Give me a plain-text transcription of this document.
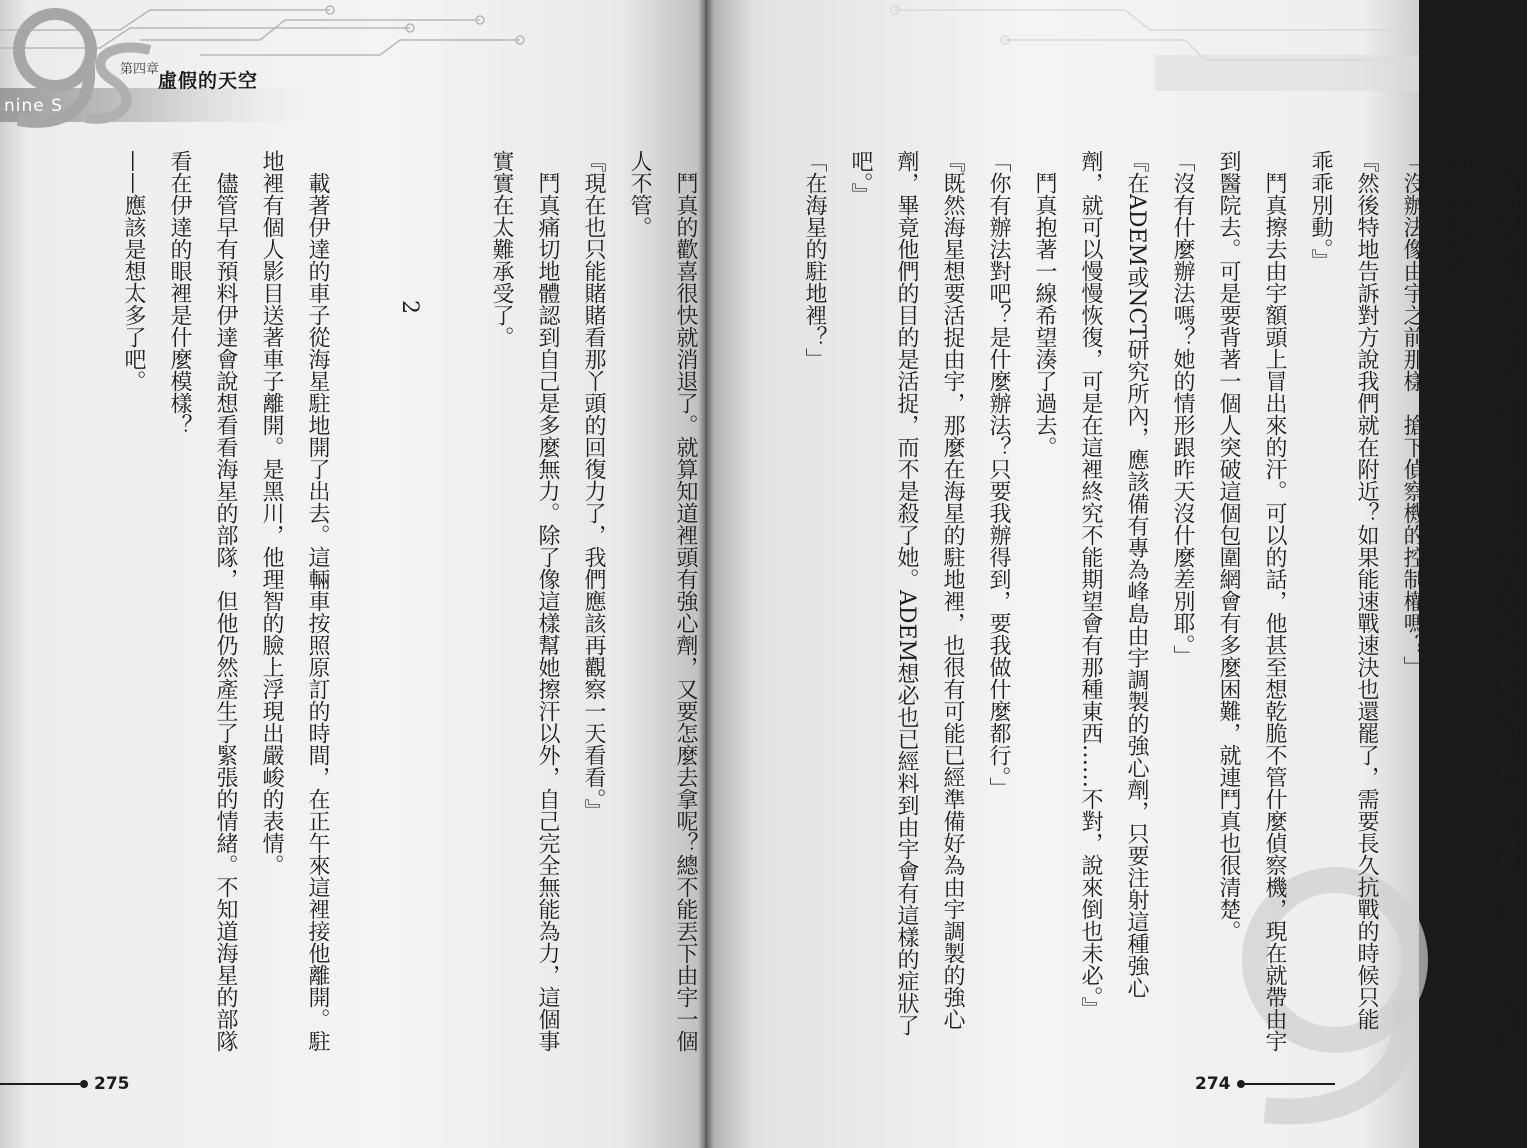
nine S
第四章
虛假的天空

　鬥真的歡喜很快就消退了。就算知道裡頭有強心劑，又要怎麼去拿呢？總不能丟下由宇一個

人不管。

『現在也只能賭賭看那丫頭的回復力了，我們應該再觀察一天看看。』

　鬥真痛切地體認到自己是多麼無力。除了像這樣幫她擦汗以外，自己完全無能為力，這個事

實實在太難承受了。

2

　載著伊達的車子從海星駐地開了出去。這輛車按照原訂的時間，在正午來這裡接他離開。駐

地裡有個人影目送著車子離開。是黑川，他理智的臉上浮現出嚴峻的表情。

　儘管早有預料伊達會說想看看海星的部隊，但他仍然產生了緊張的情緒。不知道海星的部隊

看在伊達的眼裡是什麼模樣？

——應該是想太多了吧。

275

　看到風間顯示在螢幕上的畫面，鬥真說出了這句無關緊要的感想，這時黑影正好遮住了窗外

射進來的光線。

「沒辦法像由宇之前那樣，搶下偵察機的控制權嗎？」

『然後特地告訴對方說我們就在附近？如果能速戰速決也還罷了，需要長久抗戰的時候只能

乖乖別動。』

　鬥真擦去由宇額頭上冒出來的汗。可以的話，他甚至想乾脆不管什麼偵察機，現在就帶由宇

到醫院去。可是要背著一個人突破這個包圍網會有多麼困難，就連鬥真也很清楚。

「沒有什麼辦法嗎？她的情形跟昨天沒什麼差別耶。」

『在ADEM或NCT研究所內，應該備有專為峰島由宇調製的強心劑，只要注射這種強心

劑，就可以慢慢恢復，可是在這裡終究不能期望會有那種東西……不對，說來倒也未必。』

　鬥真抱著一線希望湊了過去。

「你有辦法對吧？是什麼辦法？只要我辦得到，要我做什麼都行。」

『既然海星想要活捉由宇，那麼在海星的駐地裡，也很有可能已經準備好為由宇調製的強心

劑，畢竟他們的目的是活捉，而不是殺了她。ADEM想必也已經料到由宇會有這樣的症狀了

吧。』

「在海星的駐地裡？」

274
